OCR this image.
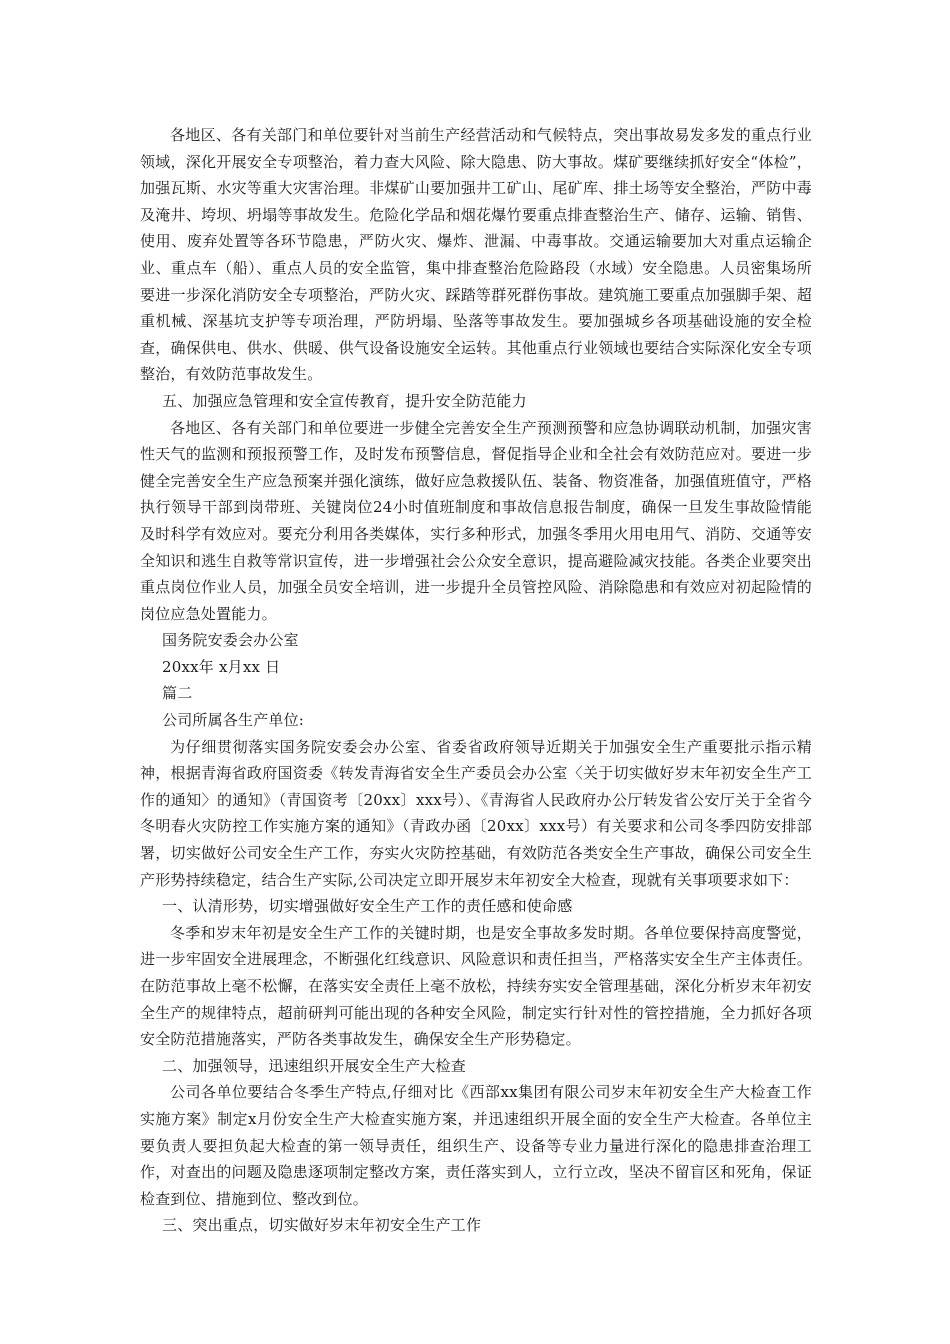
各地区、各有关部门和单位要针对当前生产经营活动和气候特点，突出事故易发多发的重点行业领域，深化开展安全专项整治，着力查大风险、除大隐患、防大事故。煤矿要继续抓好安全“体检”，加强瓦斯、水灾等重大灾害治理。非煤矿山要加强井工矿山、尾矿库、排土场等安全整治，严防中毒及淹井、垮坝、坍塌等事故发生。危险化学品和烟花爆竹要重点排查整治生产、储存、运输、销售、使用、废弃处置等各环节隐患，严防火灾、爆炸、泄漏、中毒事故。交通运输要加大对重点运输企业、重点车（船）、重点人员的安全监管，集中排查整治危险路段（水域）安全隐患。人员密集场所要进一步深化消防安全专项整治，严防火灾、踩踏等群死群伤事故。建筑施工要重点加强脚手架、超重机械、深基坑支护等专项治理，严防坍塌、坠落等事故发生。要加强城乡各项基础设施的安全检查，确保供电、供水、供暖、供气设备设施安全运转。其他重点行业领域也要结合实际深化安全专项整治，有效防范事故发生。

五、加强应急管理和安全宣传教育，提升安全防范能力

各地区、各有关部门和单位要进一步健全完善安全生产预测预警和应急协调联动机制，加强灾害性天气的监测和预报预警工作，及时发布预警信息，督促指导企业和全社会有效防范应对。要进一步健全完善安全生产应急预案并强化演练，做好应急救援队伍、装备、物资准备，加强值班值守，严格执行领导干部到岗带班、关键岗位24小时值班制度和事故信息报告制度，确保一旦发生事故险情能及时科学有效应对。要充分利用各类媒体，实行多种形式，加强冬季用火用电用气、消防、交通等安全知识和逃生自救等常识宣传，进一步增强社会公众安全意识，提高避险减灾技能。各类企业要突出重点岗位作业人员，加强全员安全培训，进一步提升全员管控风险、消除隐患和有效应对初起险情的岗位应急处置能力。

国务院安委会办公室

20xx年 x月xx 日

篇二

公司所属各生产单位:

为仔细贯彻落实国务院安委会办公室、省委省政府领导近期关于加强安全生产重要批示指示精神，根据青海省政府国资委《转发青海省安全生产委员会办公室〈关于切实做好岁末年初安全生产工作的通知〉的通知》（青国资考〔20xx〕xxx号）、《青海省人民政府办公厅转发省公安厅关于全省今冬明春火灾防控工作实施方案的通知》（青政办函〔20xx〕xxx号）有关要求和公司冬季四防安排部署，切实做好公司安全生产工作，夯实火灾防控基础，有效防范各类安全生产事故，确保公司安全生产形势持续稳定，结合生产实际,公司决定立即开展岁末年初安全大检查，现就有关事项要求如下：

一、认清形势，切实增强做好安全生产工作的责任感和使命感

冬季和岁末年初是安全生产工作的关键时期，也是安全事故多发时期。各单位要保持高度警觉，进一步牢固安全进展理念，不断强化红线意识、风险意识和责任担当，严格落实安全生产主体责任。在防范事故上毫不松懈，在落实安全责任上毫不放松，持续夯实安全管理基础，深化分析岁末年初安全生产的规律特点，超前研判可能出现的各种安全风险，制定实行针对性的管控措施，全力抓好各项安全防范措施落实，严防各类事故发生，确保安全生产形势稳定。

二、加强领导，迅速组织开展安全生产大检查

公司各单位要结合冬季生产特点,仔细对比《西部xx集团有限公司岁末年初安全生产大检查工作实施方案》制定x月份安全生产大检查实施方案，并迅速组织开展全面的安全生产大检查。各单位主要负责人要担负起大检查的第一领导责任，组织生产、设备等专业力量进行深化的隐患排查治理工作，对查出的问题及隐患逐项制定整改方案，责任落实到人，立行立改，坚决不留盲区和死角，保证检查到位、措施到位、整改到位。

三、突出重点，切实做好岁末年初安全生产工作
